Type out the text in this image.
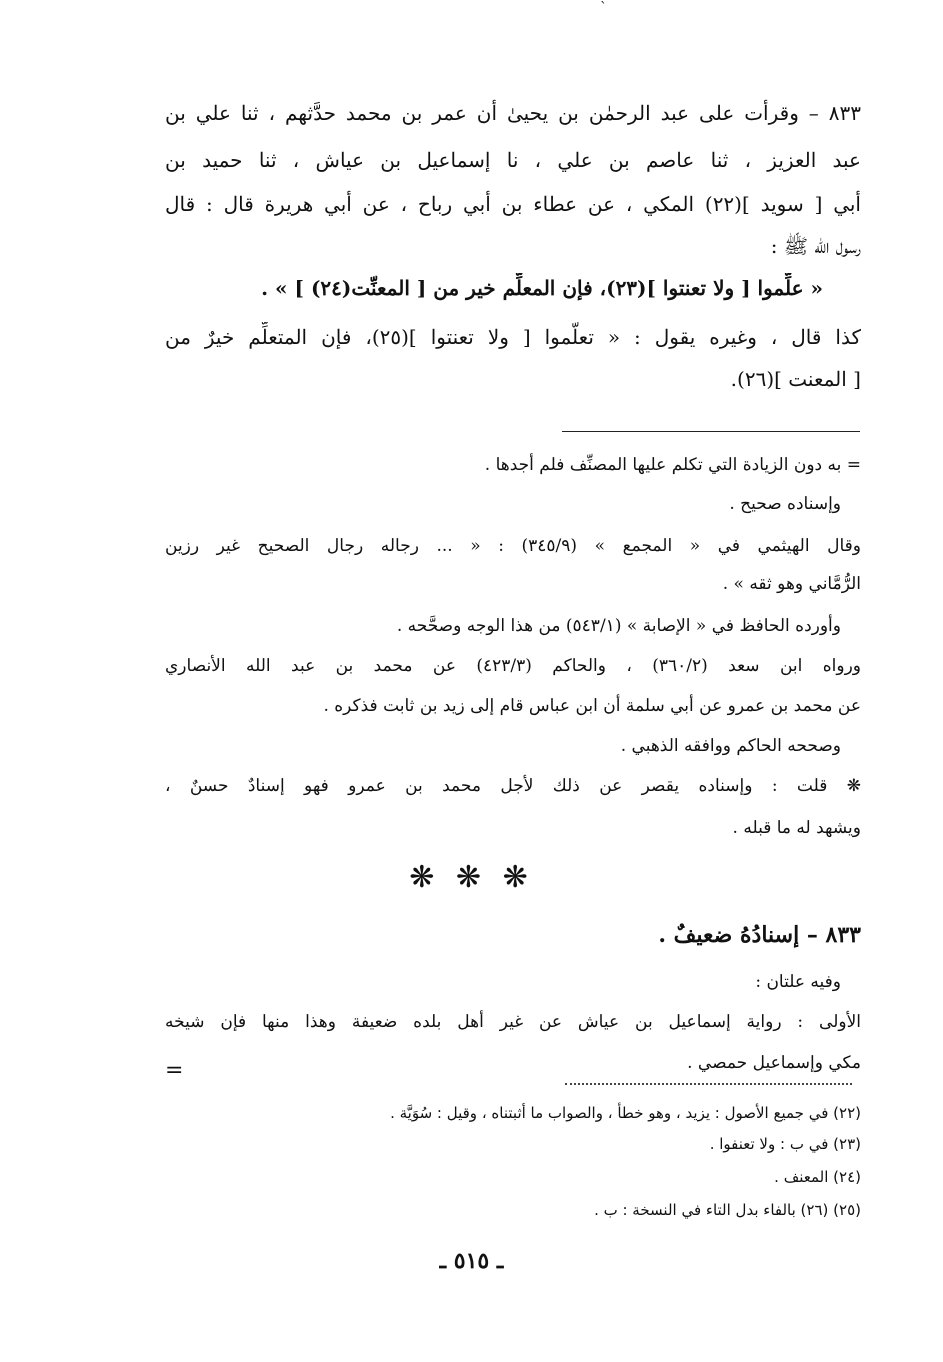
`
٨٣٣ – وقرأت على عبد الرحمٰن بن يحيىٰ أن عمر بن محمد حدَّثهم ، ثنا علي بن
عبد العزيز ، ثنا عاصم بن علي ، نا إسماعيل بن عياش ، ثنا حميد بن
أبي [ سويد ](٢٢) المكي ، عن عطاء بن أبي رباح ، عن أبي هريرة قال : قال
رسول الله ﷺ :
« علِّموا [ ولا تعنتوا ](٢٣)، فإن المعلِّم خير من [ المعنِّت(٢٤) ] » .
كذا قال ، وغيره يقول : « تعلَّموا [ ولا تعنتوا ](٢٥)، فإن المتعلِّم خيرٌ من
[ المعنت ](٢٦).
= به دون الزيادة التي تكلم عليها المصنِّف فلم أجدها .
وإسناده صحيح .
وقال الهيثمي في « المجمع » (٣٤٥/٩) : « ... رجاله رجال الصحيح غير رزين
الرُّمَّاني وهو ثقه » .
وأورده الحافظ في « الإصابة » (٥٤٣/١) من هذا الوجه وصحَّحه .
ورواه ابن سعد (٣٦٠/٢) ، والحاكم (٤٢٣/٣) عن محمد بن عبد الله الأنصاري
عن محمد بن عمرو عن أبي سلمة أن ابن عباس قام إلى زيد بن ثابت فذكره .
وصححه الحاكم ووافقه الذهبي .
❋ قلت : وإسناده يقصر عن ذلك لأجل محمد بن عمرو فهو إسنادٌ حسنٌ ،
ويشهد له ما قبله .
❋ ❋ ❋
٨٣٣ – إسنادُهُ ضعيفٌ .
وفيه علتان :
الأولى : رواية إسماعيل بن عياش عن غير أهل بلده ضعيفة وهذا منها فإن شيخه
مكي وإسماعيل حمصي .
=
(٢٢) في جميع الأصول : يزيد ، وهو خطأ ، والصواب ما أثبتناه ، وقيل : سُوَيَّة .
(٢٣) في ب : ولا تعنفوا .
(٢٤) المعنف .
(٢٥) (٢٦) بالفاء بدل التاء في النسخة : ب .
ـ ٥١٥ ـ
